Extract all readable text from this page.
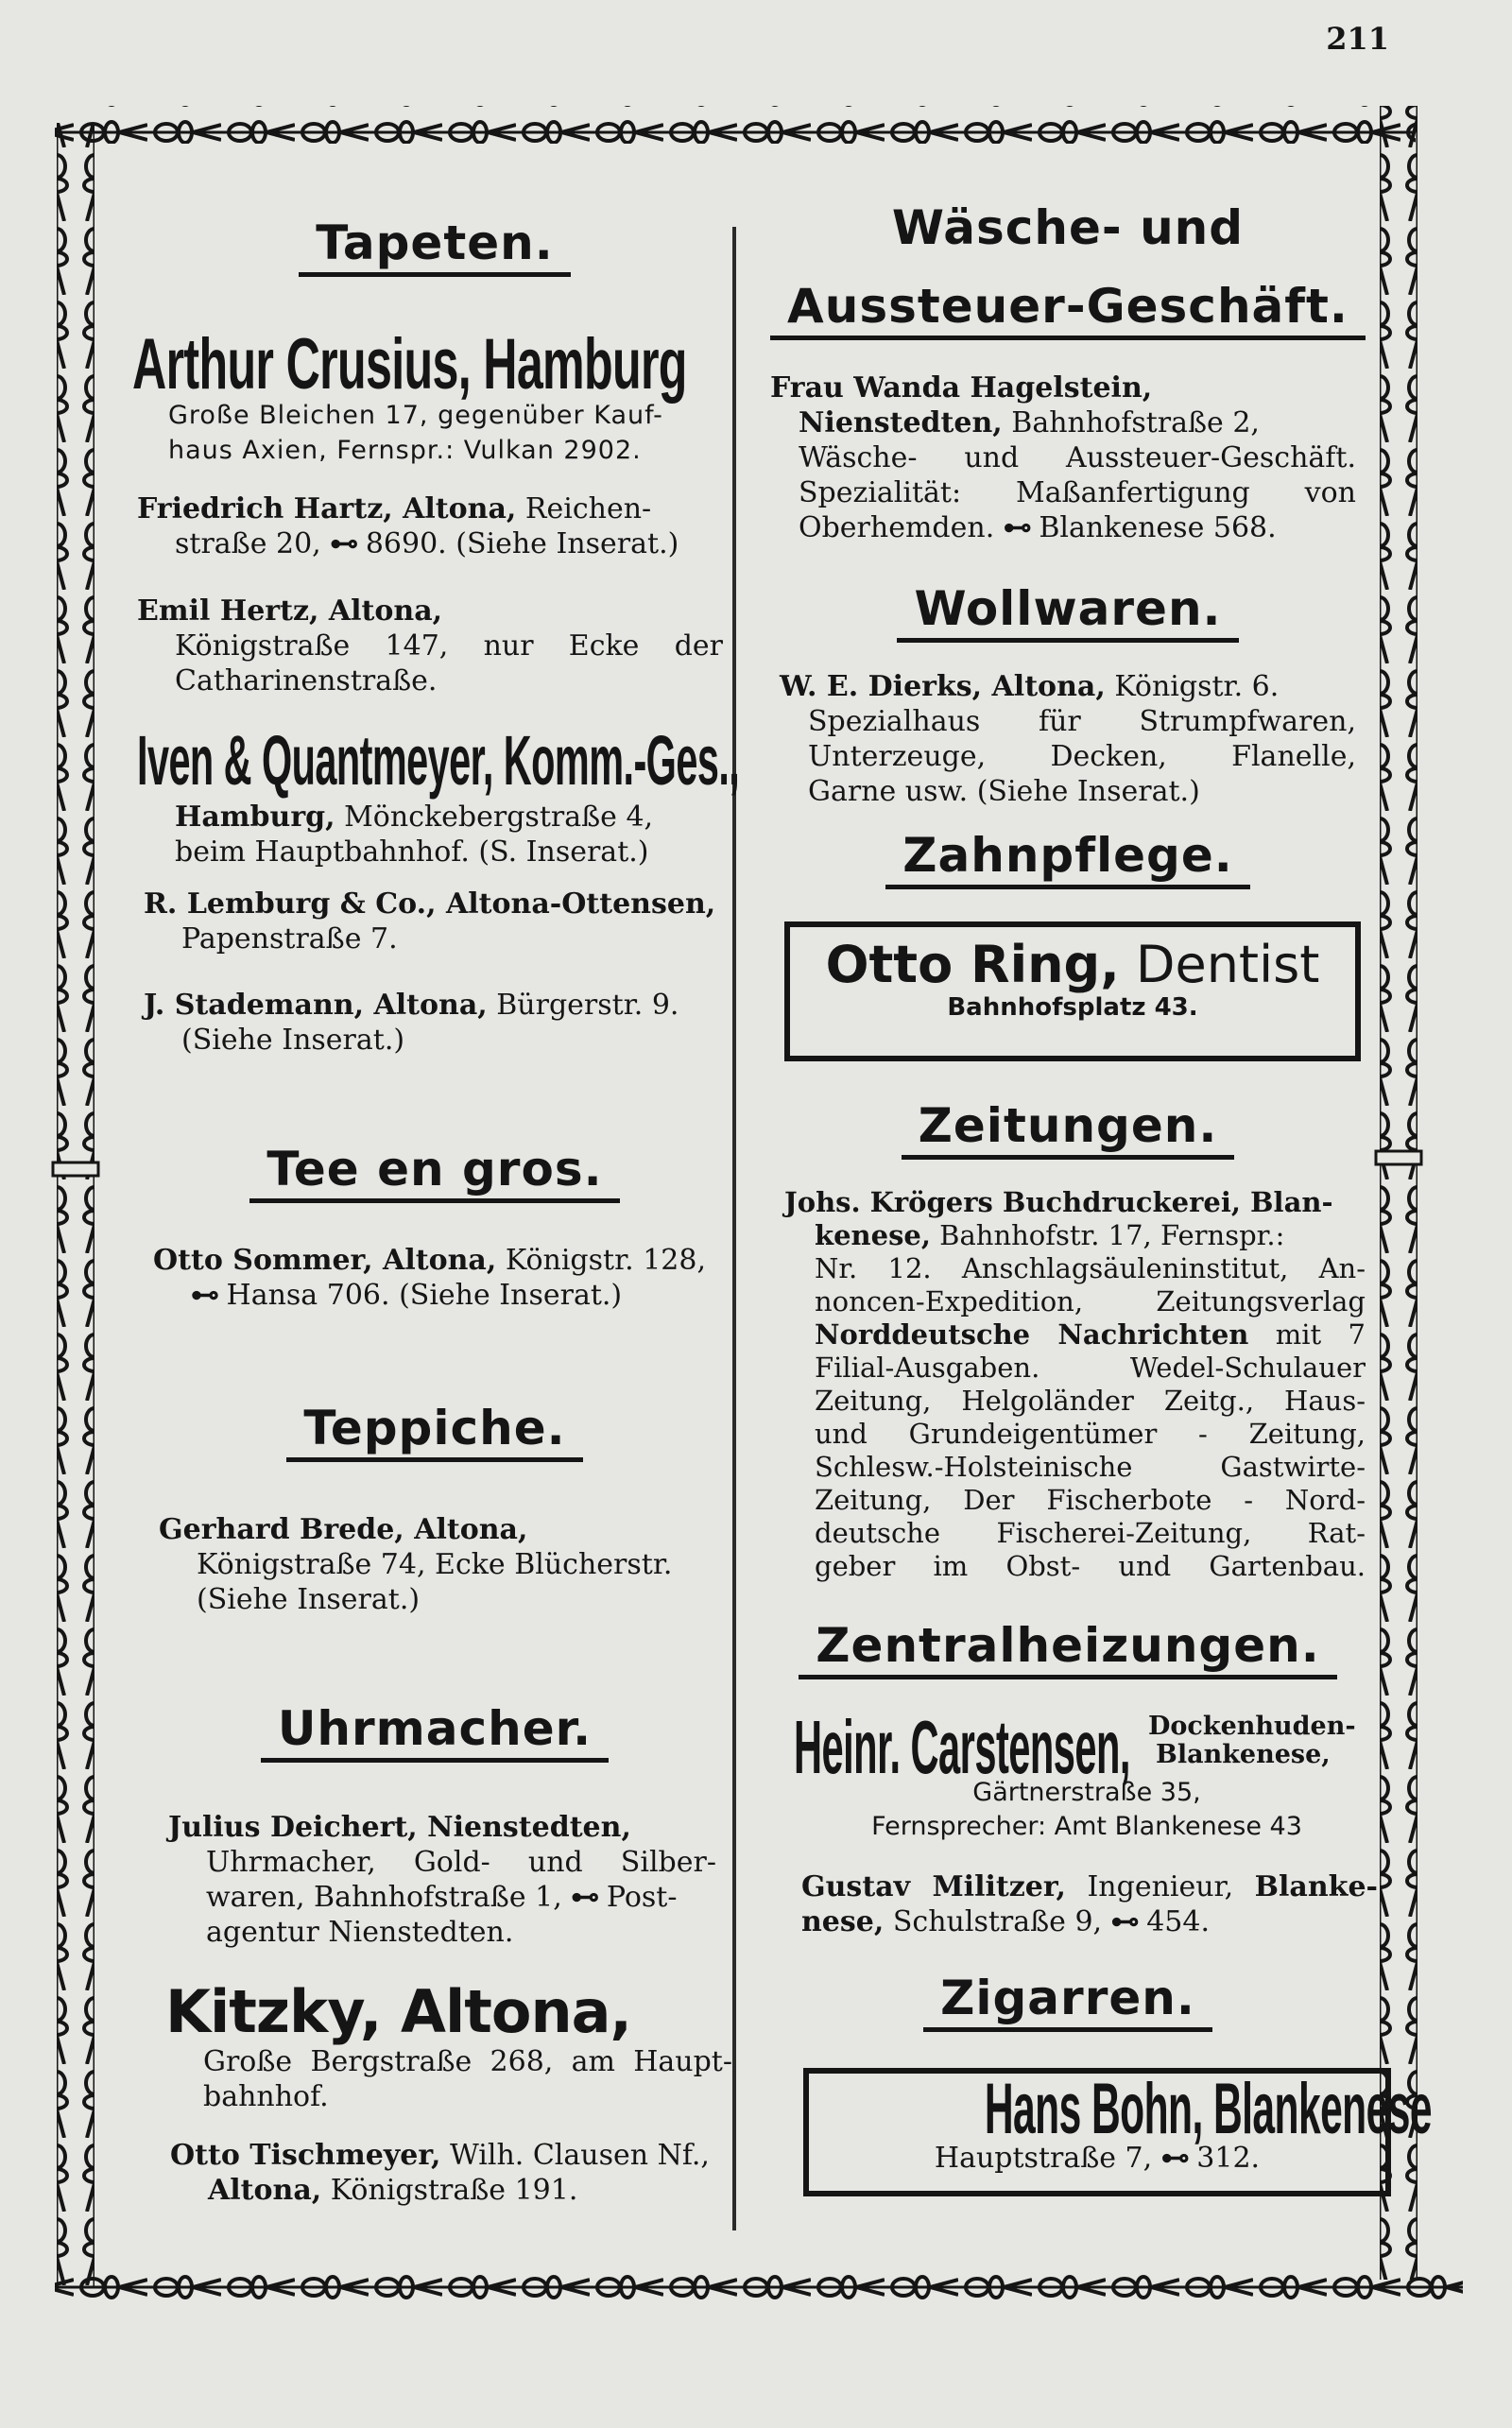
211
Tapeten.
Arthur Crusius, Hamburg
Große Bleichen 17, gegenüber Kauf-
haus Axien, Fernspr.: Vulkan 2902.
Friedrich Hartz, Altona, Reichen-
straße 20, ⊷ 8690. (Siehe Inserat.)
Emil Hertz, Altona,
Königstraße 147, nur Ecke der
Catharinenstraße.
Iven & Quantmeyer, Komm.-Ges.,
Hamburg, Mönckebergstraße 4,
beim Hauptbahnhof. (S. Inserat.)
R. Lemburg & Co., Altona-Ottensen,
Papenstraße 7.
J. Stademann, Altona, Bürgerstr. 9.
(Siehe Inserat.)
Tee en gros.
Otto Sommer, Altona, Königstr. 128,
⊷ Hansa 706. (Siehe Inserat.)
Teppiche.
Gerhard Brede, Altona,
Königstraße 74, Ecke Blücherstr.
(Siehe Inserat.)
Uhrmacher.
Julius Deichert, Nienstedten,
Uhrmacher, Gold- und Silber-
waren, Bahnhofstraße 1, ⊷ Post-
agentur Nienstedten.
Kitzky, Altona,
Große Bergstraße 268, am Haupt-
bahnhof.
Otto Tischmeyer, Wilh. Clausen Nf.,
Altona, Königstraße 191.
Wäsche- und
Aussteuer-Geschäft.
Frau Wanda Hagelstein,
Nienstedten, Bahnhofstraße 2,
Wäsche- und Aussteuer-Geschäft.
Spezialität: Maßanfertigung von
Oberhemden. ⊷ Blankenese 568.
Wollwaren.
W. E. Dierks, Altona, Königstr. 6.
Spezialhaus für Strumpfwaren,
Unterzeuge, Decken, Flanelle,
Garne usw. (Siehe Inserat.)
Zahnpflege.
Otto Ring, Dentist
Bahnhofsplatz 43.
Zeitungen.
Johs. Krögers Buchdruckerei, Blan-
kenese, Bahnhofstr. 17, Fernspr.:
Nr. 12. Anschlagsäuleninstitut, An-
noncen-Expedition, Zeitungsverlag
Norddeutsche Nachrichten mit 7
Filial-Ausgaben. Wedel-Schulauer
Zeitung, Helgoländer Zeitg., Haus-
und Grundeigentümer - Zeitung,
Schlesw.-Holsteinische Gastwirte-
Zeitung, Der Fischerbote - Nord-
deutsche Fischerei-Zeitung, Rat-
geber im Obst- und Gartenbau.
Zentralheizungen.
Heinr. Carstensen, Dockenhuden-
Blankenese,
Gärtnerstraße 35,
Fernsprecher: Amt Blankenese 43
Gustav Militzer, Ingenieur, Blanke-
nese, Schulstraße 9, ⊷ 454.
Zigarren.
Hans Bohn, Blankenese
Hauptstraße 7, ⊷ 312.
